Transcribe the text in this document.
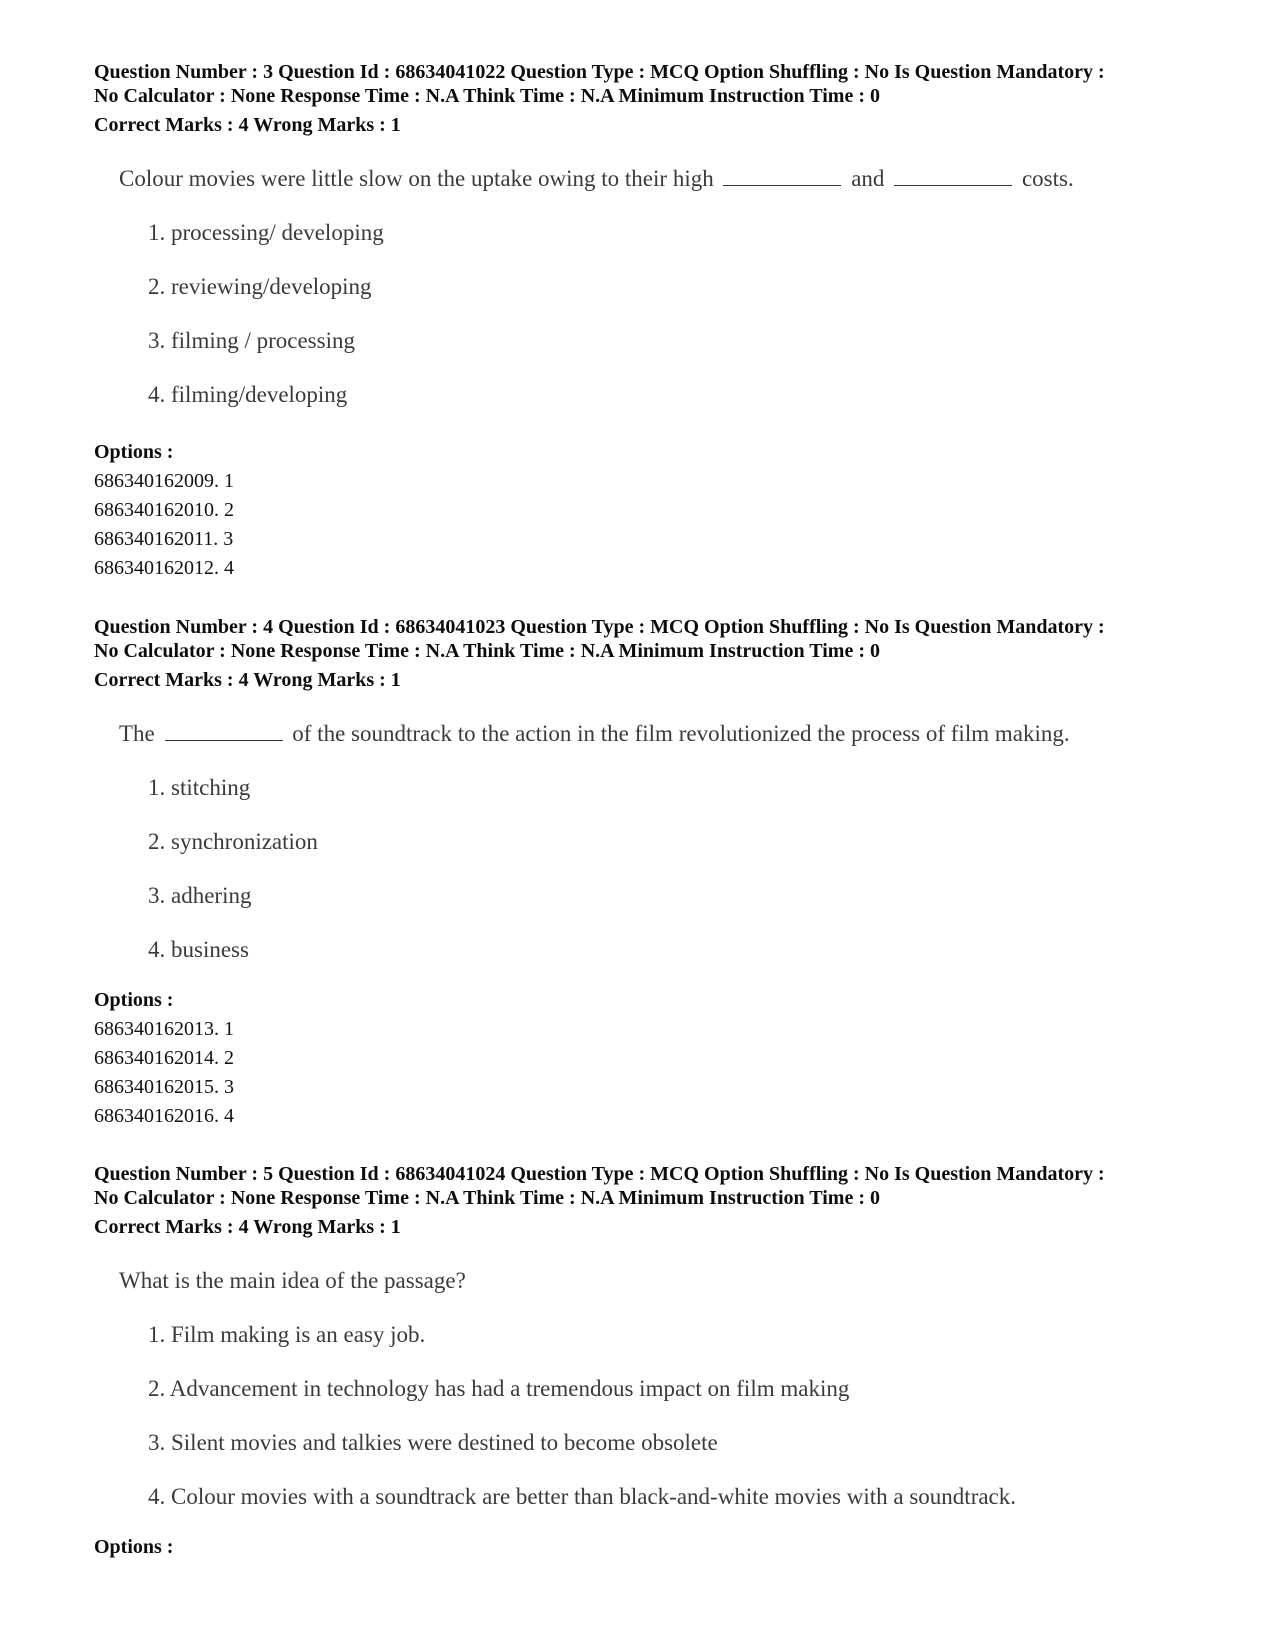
Question Number : 3 Question Id : 68634041022 Question Type : MCQ Option Shuffling : No Is Question Mandatory :
No Calculator : None Response Time : N.A Think Time : N.A Minimum Instruction Time : 0
Correct Marks : 4 Wrong Marks : 1
Colour movies were little slow on the uptake owing to their high	and	costs.
1. processing/ developing
2. reviewing/developing
3. filming / processing
4. filming/developing
Options :
686340162009. 1
686340162010. 2
686340162011. 3
686340162012. 4
Question Number : 4 Question Id : 68634041023 Question Type : MCQ Option Shuffling : No Is Question Mandatory :
No Calculator : None Response Time : N.A Think Time : N.A Minimum Instruction Time : 0
Correct Marks : 4 Wrong Marks : 1
The	of the soundtrack to the action in the film revolutionized the process of film making.
1. stitching
2. synchronization
3. adhering
4. business
Options :
686340162013. 1
686340162014. 2
686340162015. 3
686340162016. 4
Question Number : 5 Question Id : 68634041024 Question Type : MCQ Option Shuffling : No Is Question Mandatory :
No Calculator : None Response Time : N.A Think Time : N.A Minimum Instruction Time : 0
Correct Marks : 4 Wrong Marks : 1
What is the main idea of the passage?
1. Film making is an easy job.
2. Advancement in technology has had a tremendous impact on film making
3. Silent movies and talkies were destined to become obsolete
4. Colour movies with a soundtrack are better than black-and-white movies with a soundtrack.
Options :
